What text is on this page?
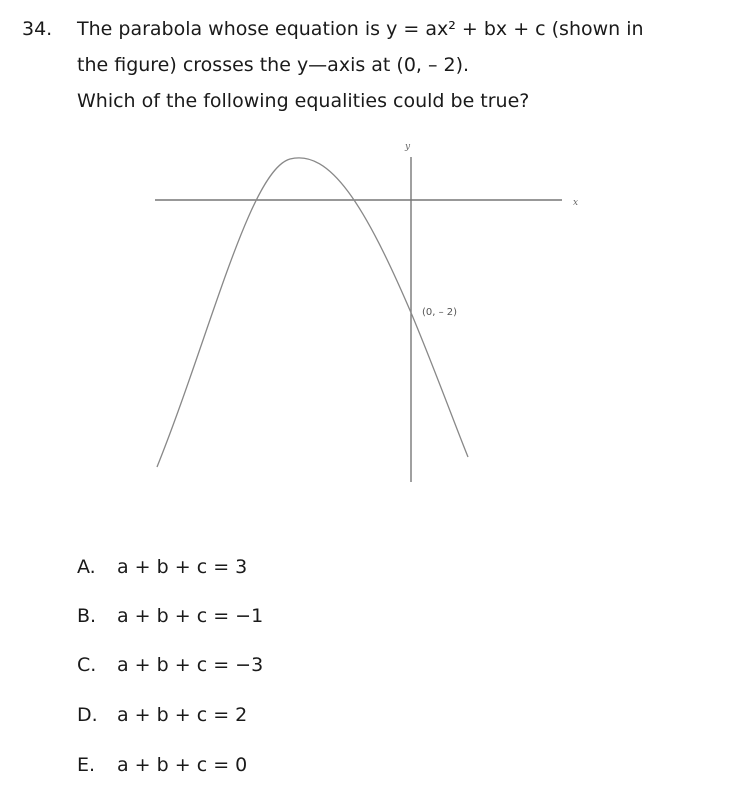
34. The parabola whose equation is y = ax² + bx + c (shown in
the figure) crosses the y—axis at (0, – 2).
Which of the following equalities could be true?
y
x
(0, – 2)
A. a + b + c = 3
B. a + b + c = −1
C. a + b + c = −3
D. a + b + c = 2
E. a + b + c = 0
